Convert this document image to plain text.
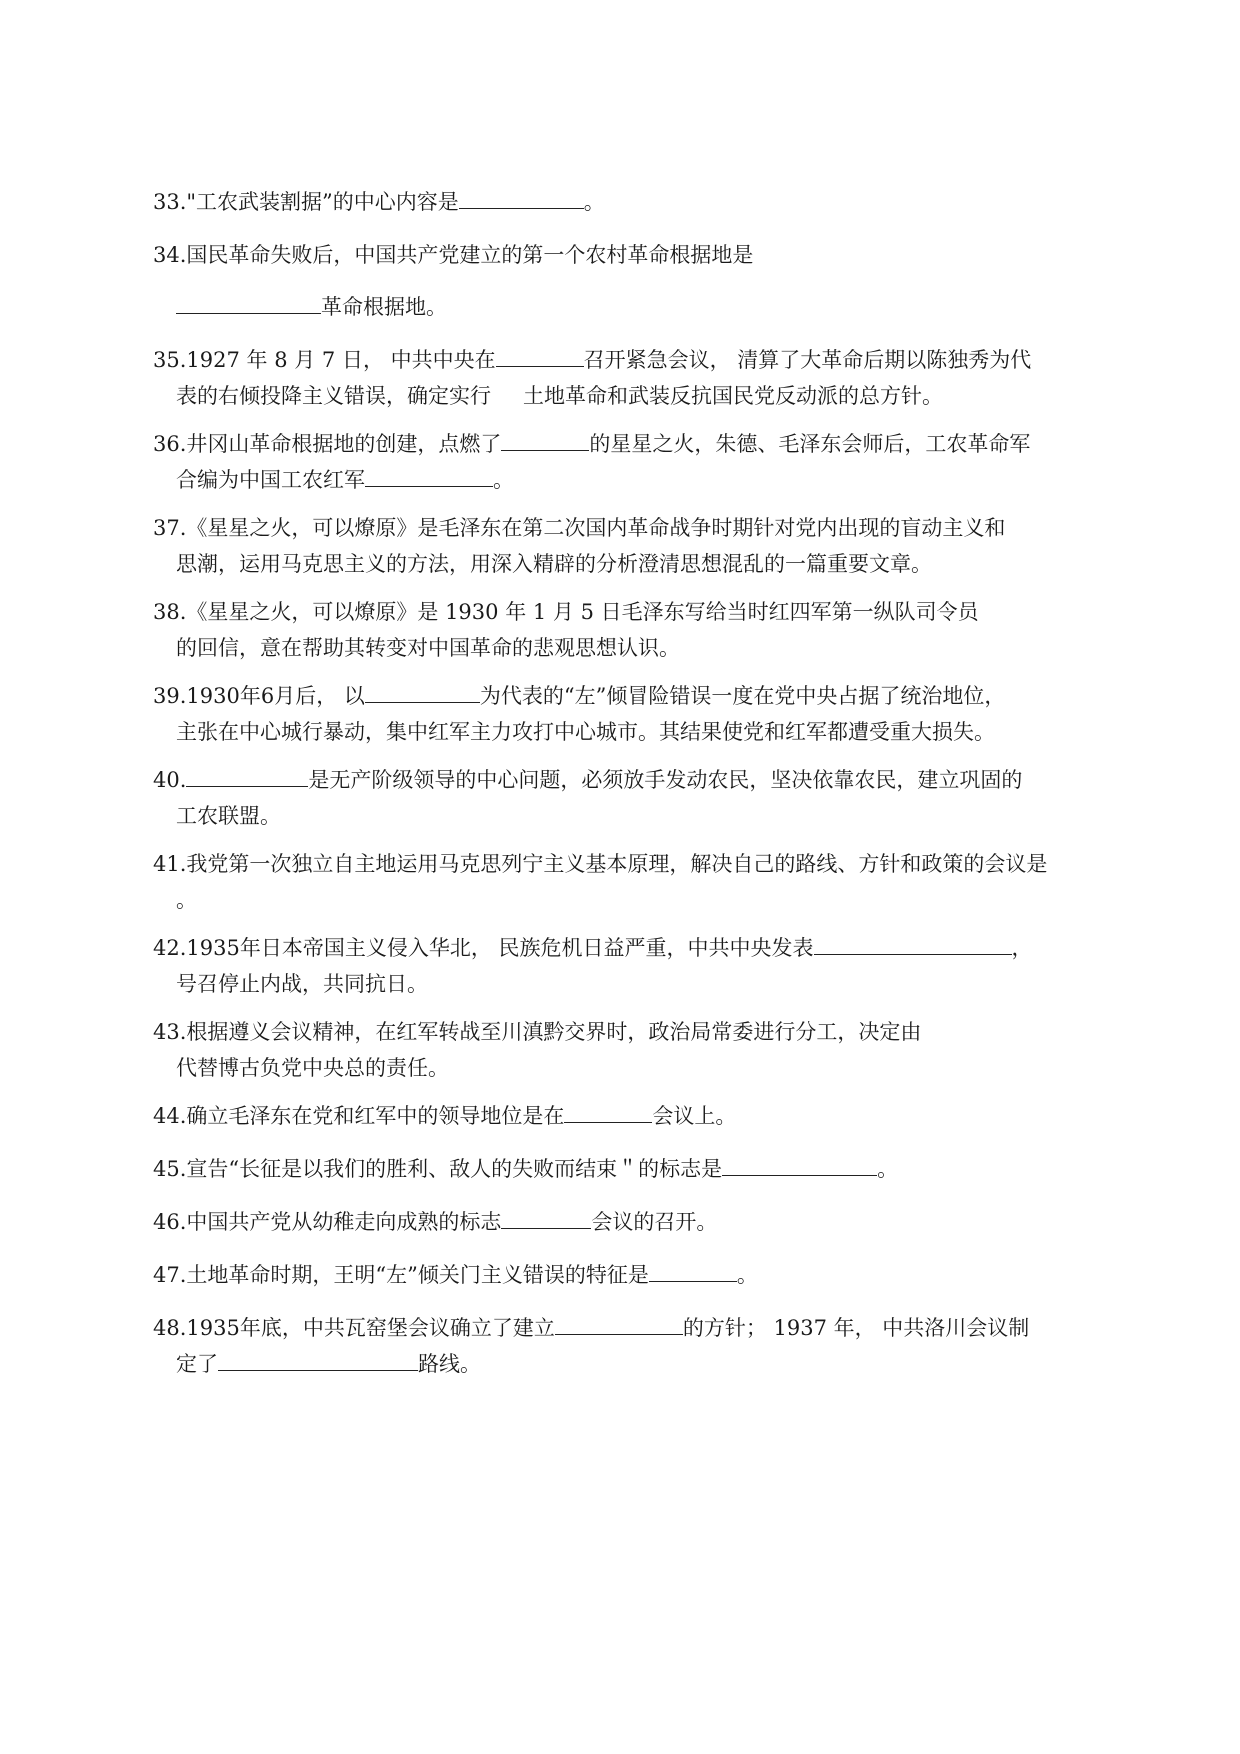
33."工农武装割据”的中心内容是	。
34.国民革命失败后，中国共产党建立的第一个农村革命根据地是
革命根据地。
35.1927 年 8 月 7 日， 中共中央在	召开紧急会议， 清算了大革命后期以陈独秀为代
表的右倾投降主义错误，确定实行 土地革命和武装反抗国民党反动派的总方针。
36.井冈山革命根据地的创建，点燃了	的星星之火，朱德、毛泽东会师后，工农革命军
合编为中国工农红军	。
37.《星星之火，可以燎原》是毛泽东在第二次国内革命战争时期针对党内出现的盲动主义和
思潮，运用马克思主义的方法，用深入精辟的分析澄清思想混乱的一篇重要文章。
38.《星星之火，可以燎原》是 1930 年 1 月 5 日毛泽东写给当时红四军第一纵队司令员
的回信，意在帮助其转变对中国革命的悲观思想认识。
39.1930年6月后， 以	为代表的“左”倾冒险错误一度在党中央占据了统治地位，
主张在中心城行暴动，集中红军主力攻打中心城市。其结果使党和红军都遭受重大损失。
40.	是无产阶级领导的中心问题，必须放手发动农民，坚决依靠农民，建立巩固的
工农联盟。
41.我党第一次独立自主地运用马克思列宁主义基本原理，解决自己的路线、方针和政策的会议是
。
42.1935年日本帝国主义侵入华北， 民族危机日益严重，中共中央发表	，
号召停止内战，共同抗日。
43.根据遵义会议精神，在红军转战至川滇黔交界时，政治局常委进行分工，决定由
代替博古负党中央总的责任。
44.确立毛泽东在党和红军中的领导地位是在	会议上。
45.宣告“长征是以我们的胜利、敌人的失败而结束＂的标志是	。
46.中国共产党从幼稚走向成熟的标志	会议的召开。
47.土地革命时期，王明“左”倾关门主义错误的特征是	。
48.1935年底，中共瓦窑堡会议确立了建立	的方针； 1937 年， 中共洛川会议制
定了	路线。
